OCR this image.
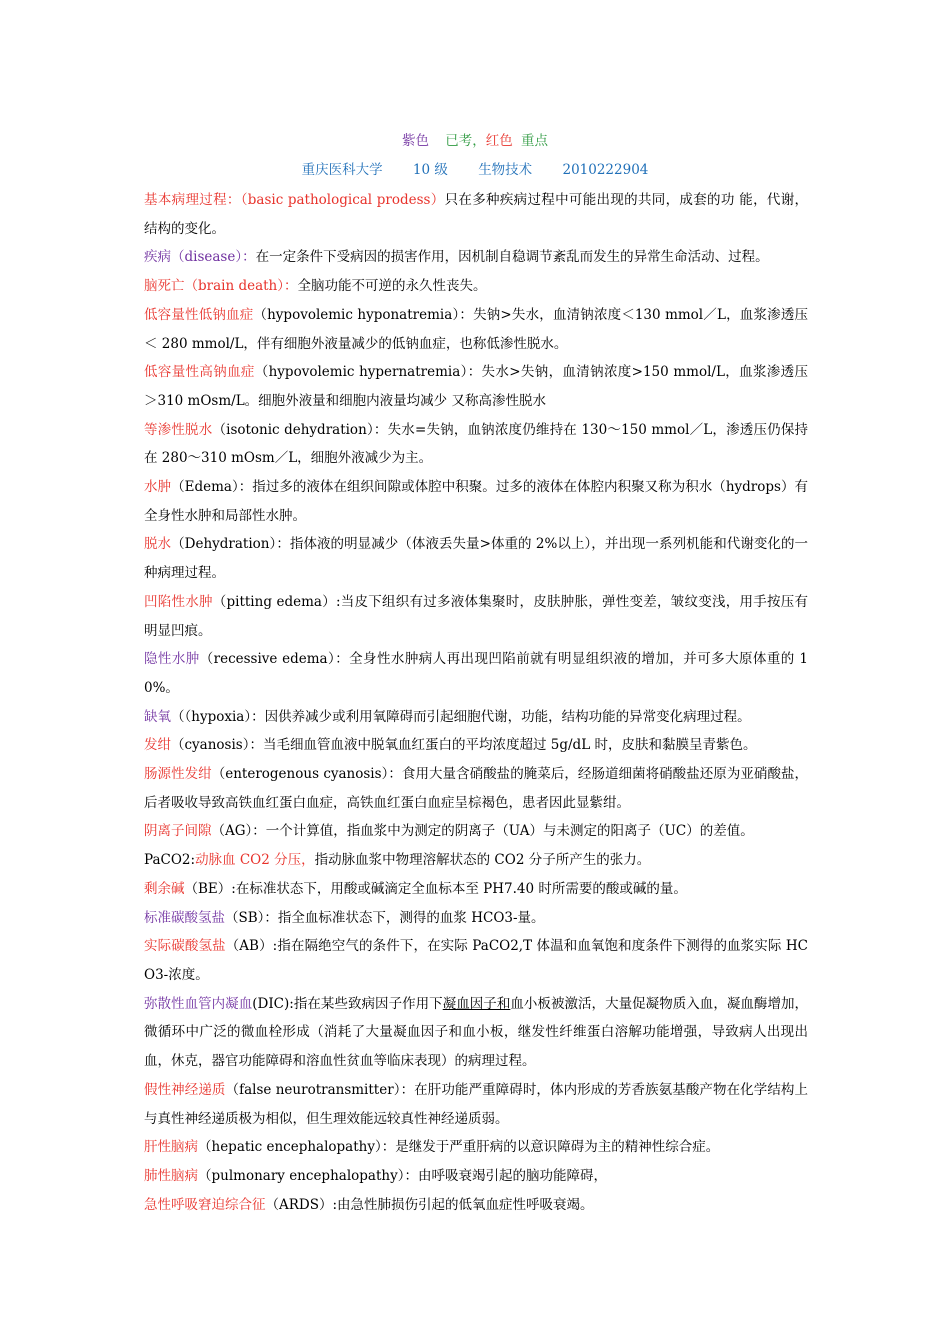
紫色 已考，红色 重点
重庆医科大学 10 级 生物技术 2010222904

基本病理过程：（basic pathological prodess）只在多种疾病过程中可能出现的共同，成套的功 能，代谢，结构的变化。

疾病（disease）：在一定条件下受病因的损害作用，因机制自稳调节紊乱而发生的异常生命活动、过程。

脑死亡（brain death）：全脑功能不可逆的永久性丧失。

低容量性低钠血症（hypovolemic hyponatremia）：失钠>失水，血清钠浓度＜130 mmol／L，血浆渗透压＜ 280 mmol/L，伴有细胞外液量减少的低钠血症，也称低渗性脱水。

低容量性高钠血症（hypovolemic hypernatremia）：失水>失钠，血清钠浓度>150 mmol/L，血浆渗透压＞310 mOsm/L。细胞外液量和细胞内液量均减少 又称高渗性脱水

等渗性脱水（isotonic dehydration）：失水=失钠，血钠浓度仍维持在 130～150 mmol／L，渗透压仍保持在 280～310 mOsm／L，细胞外液减少为主。

水肿（Edema）：指过多的液体在组织间隙或体腔中积聚。过多的液体在体腔内积聚又称为积水（hydrops）有全身性水肿和局部性水肿。

脱水（Dehydration）：指体液的明显减少（体液丢失量>体重的 2%以上），并出现一系列机能和代谢变化的一种病理过程。

凹陷性水肿（pitting edema）:当皮下组织有过多液体集聚时，皮肤肿胀，弹性变差，皱纹变浅，用手按压有明显凹痕。

隐性水肿（recessive edema）：全身性水肿病人再出现凹陷前就有明显组织液的增加，并可多大原体重的 10%。

缺氧（（hypoxia）：因供养减少或利用氧障碍而引起细胞代谢，功能，结构功能的异常变化病理过程。

发绀（cyanosis）：当毛细血管血液中脱氧血红蛋白的平均浓度超过 5g/dL 时，皮肤和黏膜呈青紫色。

肠源性发绀（enterogenous cyanosis）：食用大量含硝酸盐的腌菜后，经肠道细菌将硝酸盐还原为亚硝酸盐，后者吸收导致高铁血红蛋白血症，高铁血红蛋白血症呈棕褐色，患者因此显紫绀。

阴离子间隙（AG）：一个计算值，指血浆中为测定的阴离子（UA）与未测定的阳离子（UC）的差值。

PaCO2:动脉血 CO2 分压，指动脉血浆中物理溶解状态的 CO2 分子所产生的张力。

剩余碱（BE）:在标准状态下，用酸或碱滴定全血标本至 PH7.40 时所需要的酸或碱的量。

标准碳酸氢盐（SB）：指全血标准状态下，测得的血浆 HCO3-量。

实际碳酸氢盐（AB）:指在隔绝空气的条件下，在实际 PaCO2,T 体温和血氧饱和度条件下测得的血浆实际 HCO3-浓度。

弥散性血管内凝血(DIC):指在某些致病因子作用下凝血因子和血小板被激活，大量促凝物质入血，凝血酶增加，微循环中广泛的微血栓形成（消耗了大量凝血因子和血小板，继发性纤维蛋白溶解功能增强，导致病人出现出血，休克，器官功能障碍和溶血性贫血等临床表现）的病理过程。

假性神经递质（false neurotransmitter）：在肝功能严重障碍时，体内形成的芳香族氨基酸产物在化学结构上与真性神经递质极为相似，但生理效能远较真性神经递质弱。

肝性脑病（hepatic encephalopathy）：是继发于严重肝病的以意识障碍为主的精神性综合症。

肺性脑病（pulmonary encephalopathy）：由呼吸衰竭引起的脑功能障碍，

急性呼吸窘迫综合征（ARDS）:由急性肺损伤引起的低氧血症性呼吸衰竭。
